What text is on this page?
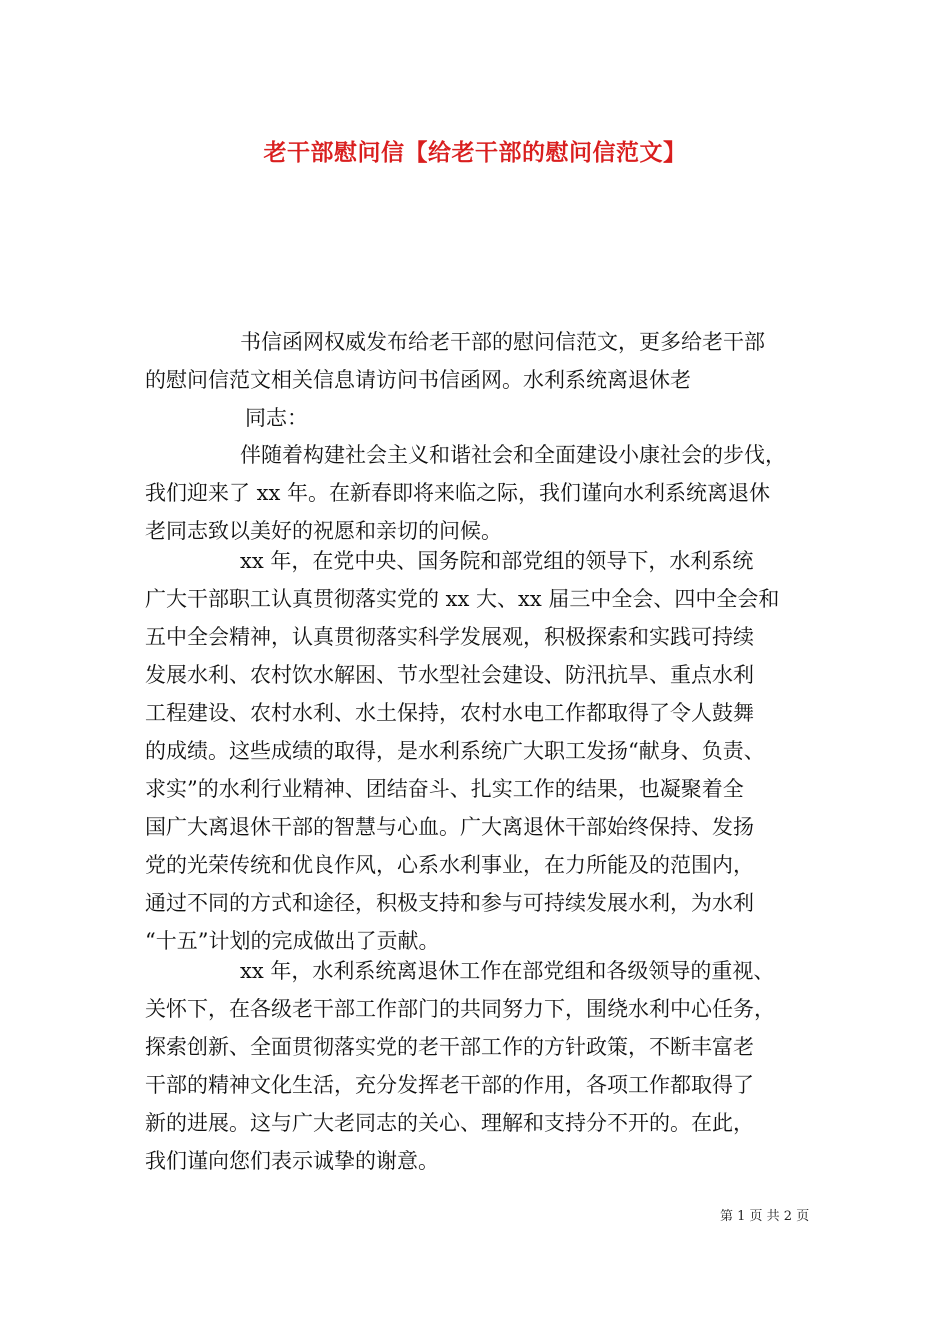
老干部慰问信【给老干部的慰问信范文】
书信函网权威发布给老干部的慰问信范文，更多给老干部
的慰问信范文相关信息请访问书信函网。水利系统离退休老
同志：
伴随着构建社会主义和谐社会和全面建设小康社会的步伐，
我们迎来了 xx 年。在新春即将来临之际，我们谨向水利系统离退休
老同志致以美好的祝愿和亲切的问候。
xx 年，在党中央、国务院和部党组的领导下，水利系统
广大干部职工认真贯彻落实党的 xx 大、xx 届三中全会、四中全会和
五中全会精神，认真贯彻落实科学发展观，积极探索和实践可持续
发展水利、农村饮水解困、节水型社会建设、防汛抗旱、重点水利
工程建设、农村水利、水土保持，农村水电工作都取得了令人鼓舞
的成绩。这些成绩的取得，是水利系统广大职工发扬“献身、负责、
求实”的水利行业精神、团结奋斗、扎实工作的结果，也凝聚着全
国广大离退休干部的智慧与心血。广大离退休干部始终保持、发扬
党的光荣传统和优良作风，心系水利事业，在力所能及的范围内，
通过不同的方式和途径，积极支持和参与可持续发展水利，为水利
“十五”计划的完成做出了贡献。
xx 年，水利系统离退休工作在部党组和各级领导的重视、
关怀下，在各级老干部工作部门的共同努力下，围绕水利中心任务，
探索创新、全面贯彻落实党的老干部工作的方针政策，不断丰富老
干部的精神文化生活，充分发挥老干部的作用，各项工作都取得了
新的进展。这与广大老同志的关心、理解和支持分不开的。在此，
我们谨向您们表示诚挚的谢意。
第 1 页 共 2 页
